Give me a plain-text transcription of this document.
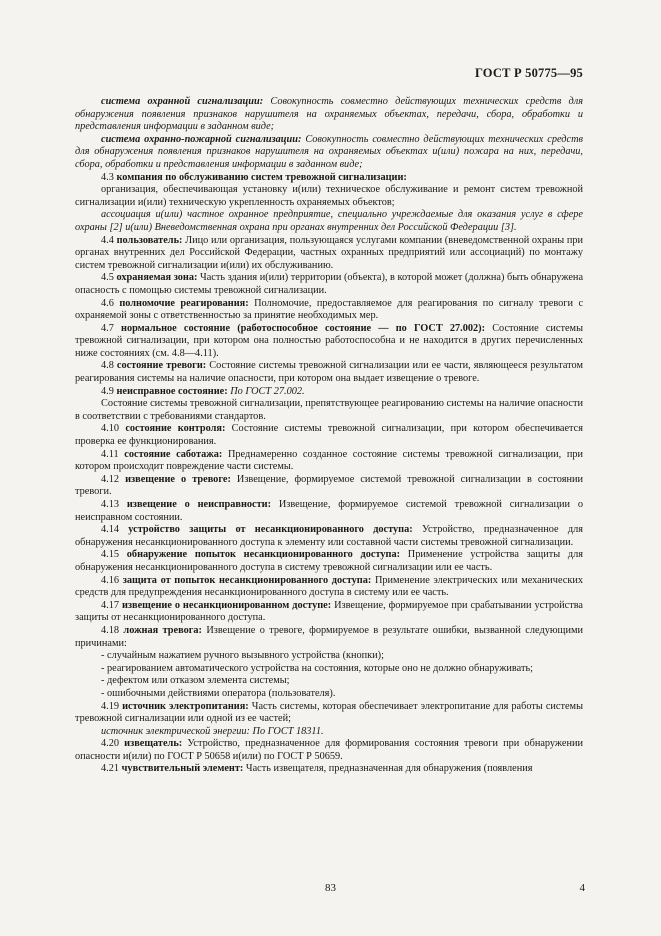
ГОСТ Р 50775—95

система охранной сигнализации: Совокупность совместно действующих технических средств для обнаружения появления признаков нарушителя на охраняемых объектах, передачи, сбора, обработки и представления информации в заданном виде;

система охранно-пожарной сигнализации: Совокупность совместно действующих технических средств для обнаружения появления признаков нарушителя на охраняемых объектах и(или) пожара на них, передачи, сбора, обработки и представления информации в заданном виде;

4.3 компания по обслуживанию систем тревожной сигнализации:

организация, обеспечивающая установку и(или) техническое обслуживание и ремонт систем тревожной сигнализации и(или) техническую укрепленность охраняемых объектов;

ассоциация и(или) частное охранное предприятие, специально учреждаемые для оказания услуг в сфере охраны [2] и(или) Вневедомственная охрана при органах внутренних дел Российской Федерации [3].

4.4 пользователь: Лицо или организация, пользующаяся услугами компании (вневедомственной охраны при органах внутренних дел Российской Федерации, частных охранных предприятий или ассоциаций) по монтажу систем тревожной сигнализации и(или) их обслуживанию.

4.5 охраняемая зона: Часть здания и(или) территории (объекта), в которой может (должна) быть обнаружена опасность с помощью системы тревожной сигнализации.

4.6 полномочие реагирования: Полномочие, предоставляемое для реагирования по сигналу тревоги с охраняемой зоны с ответственностью за принятие необходимых мер.

4.7 нормальное состояние (работоспособное состояние — по ГОСТ 27.002): Состояние системы тревожной сигнализации, при котором она полностью работоспособна и не находится в других перечисленных ниже состояниях (см. 4.8—4.11).

4.8 состояние тревоги: Состояние системы тревожной сигнализации или ее части, являющееся результатом реагирования системы на наличие опасности, при котором она выдает извещение о тревоге.

4.9 неисправное состояние: По ГОСТ 27.002.

Состояние системы тревожной сигнализации, препятствующее реагированию системы на наличие опасности в соответствии с требованиями стандартов.

4.10 состояние контроля: Состояние системы тревожной сигнализации, при котором обеспечивается проверка ее функционирования.

4.11 состояние саботажа: Преднамеренно созданное состояние системы тревожной сигнализации, при котором происходит повреждение части системы.

4.12 извещение о тревоге: Извещение, формируемое системой тревожной сигнализации в состоянии тревоги.

4.13 извещение о неисправности: Извещение, формируемое системой тревожной сигнализации о неисправном состоянии.

4.14 устройство защиты от несанкционированного доступа: Устройство, предназначенное для обнаружения несанкционированного доступа к элементу или составной части системы тревожной сигнализации.

4.15 обнаружение попыток несанкционированного доступа: Применение устройства защиты для обнаружения несанкционированного доступа в систему тревожной сигнализации или ее часть.

4.16 защита от попыток несанкционированного доступа: Применение электрических или механических средств для предупреждения несанкционированного доступа в систему или ее часть.

4.17 извещение о несанкционированном доступе: Извещение, формируемое при срабатывании устройства защиты от несанкционированного доступа.

4.18 ложная тревога: Извещение о тревоге, формируемое в результате ошибки, вызванной следующими причинами:

- случайным нажатием ручного вызывного устройства (кнопки);

- реагированием автоматического устройства на состояния, которые оно не должно обнаруживать;

- дефектом или отказом элемента системы;

- ошибочными действиями оператора (пользователя).

4.19 источник электропитания: Часть системы, которая обеспечивает электропитание для работы системы тревожной сигнализации или одной из ее частей;

источник электрической энергии: По ГОСТ 18311.

4.20 извещатель: Устройство, предназначенное для формирования состояния тревоги при обнаружении опасности и(или) по ГОСТ Р 50658 и(или) по ГОСТ Р 50659.

4.21 чувствительный элемент: Часть извещателя, предназначенная для обнаружения (появления

83	4
